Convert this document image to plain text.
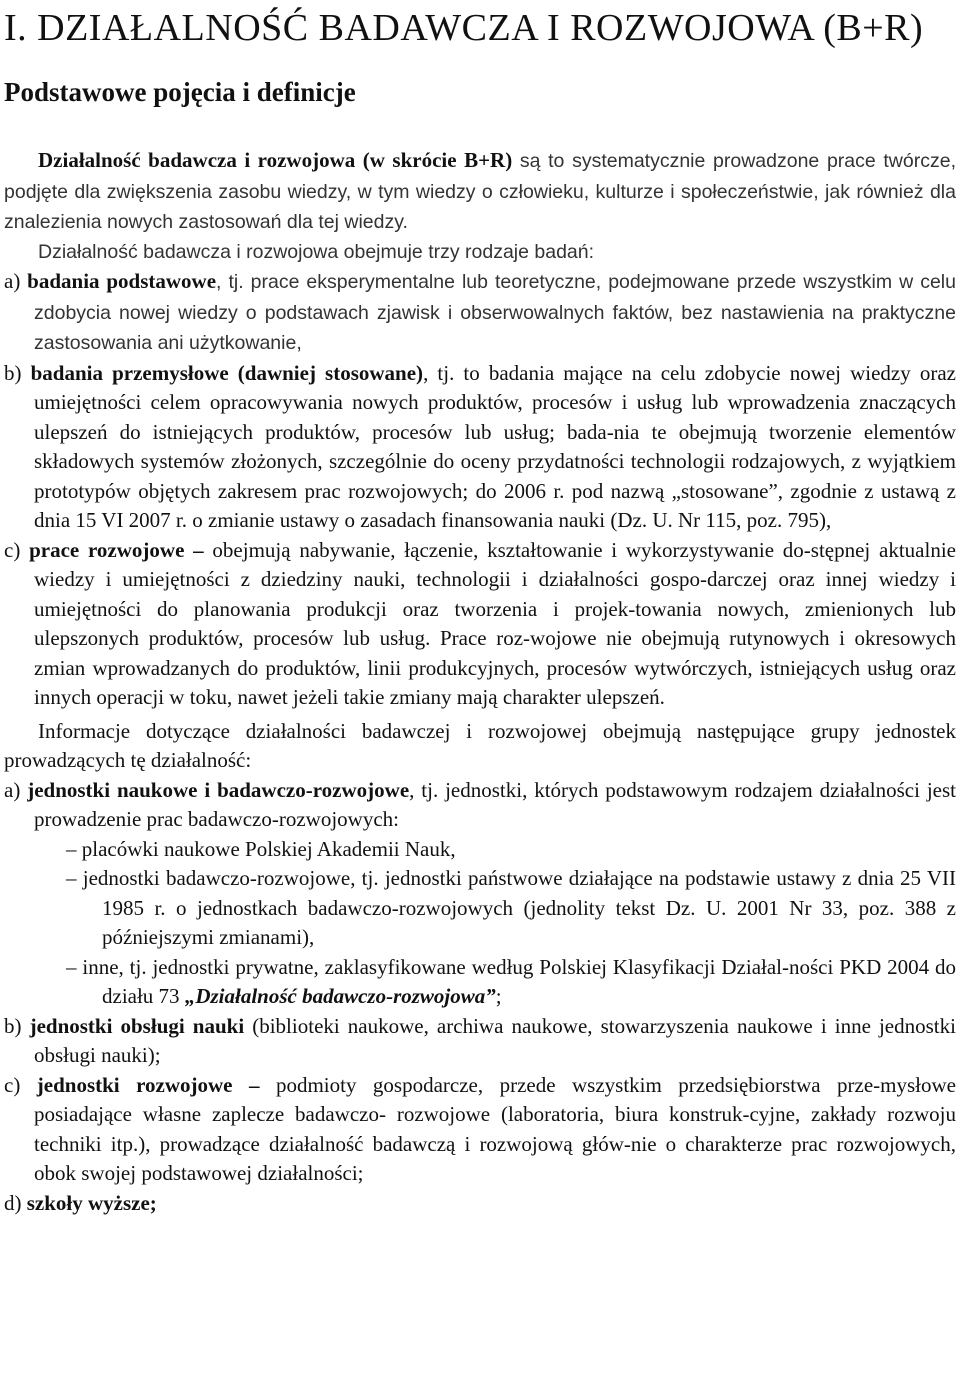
I. DZIAŁALNOŚĆ BADAWCZA I ROZWOJOWA (B+R)
Podstawowe pojęcia i definicje

Działalność badawcza i rozwojowa (w skrócie B+R) są to systematycznie prowadzone prace twórcze, podjęte dla zwiększenia zasobu wiedzy, w tym wiedzy o człowieku, kulturze i społeczeństwie, jak również dla znalezienia nowych zastosowań dla tej wiedzy.

Działalność badawcza i rozwojowa obejmuje trzy rodzaje badań:

a) badania podstawowe, tj. prace eksperymentalne lub teoretyczne, podejmowane przede wszystkim w celu zdobycia nowej wiedzy o podstawach zjawisk i obserwowalnych faktów, bez nastawienia na praktyczne zastosowania ani użytkowanie,

b) badania przemysłowe (dawniej stosowane), tj. to badania mające na celu zdobycie nowej wiedzy oraz umiejętności celem opracowywania nowych produktów, procesów i usług lub wprowadzenia znaczących ulepszeń do istniejących produktów, procesów lub usług; bada-nia te obejmują tworzenie elementów składowych systemów złożonych, szczególnie do oceny przydatności technologii rodzajowych, z wyjątkiem prototypów objętych zakresem prac rozwojowych; do 2006 r. pod nazwą „stosowane”, zgodnie z ustawą z dnia 15 VI 2007 r. o zmianie ustawy o zasadach finansowania nauki (Dz. U. Nr 115, poz. 795),

c) prace rozwojowe – obejmują nabywanie, łączenie, kształtowanie i wykorzystywanie do-stępnej aktualnie wiedzy i umiejętności z dziedziny nauki, technologii i działalności gospo-darczej oraz innej wiedzy i umiejętności do planowania produkcji oraz tworzenia i projek-towania nowych, zmienionych lub ulepszonych produktów, procesów lub usług. Prace roz-wojowe nie obejmują rutynowych i okresowych zmian wprowadzanych do produktów, linii produkcyjnych, procesów wytwórczych, istniejących usług oraz innych operacji w toku, nawet jeżeli takie zmiany mają charakter ulepszeń.

Informacje dotyczące działalności badawczej i rozwojowej obejmują następujące grupy jednostek prowadzących tę działalność:

a) jednostki naukowe i badawczo-rozwojowe, tj. jednostki, których podstawowym rodzajem działalności jest prowadzenie prac badawczo-rozwojowych:

– placówki naukowe Polskiej Akademii Nauk,

– jednostki badawczo-rozwojowe, tj. jednostki państwowe działające na podstawie ustawy z dnia 25 VII 1985 r. o jednostkach badawczo-rozwojowych (jednolity tekst Dz. U. 2001 Nr 33, poz. 388 z późniejszymi zmianami),

– inne, tj. jednostki prywatne, zaklasyfikowane według Polskiej Klasyfikacji Działal-ności PKD 2004 do działu 73 „Działalność badawczo-rozwojowa”;

b) jednostki obsługi nauki (biblioteki naukowe, archiwa naukowe, stowarzyszenia naukowe i inne jednostki obsługi nauki);

c) jednostki rozwojowe – podmioty gospodarcze, przede wszystkim przedsiębiorstwa prze-mysłowe posiadające własne zaplecze badawczo- rozwojowe (laboratoria, biura konstruk-cyjne, zakłady rozwoju techniki itp.), prowadzące działalność badawczą i rozwojową głów-nie o charakterze prac rozwojowych, obok swojej podstawowej działalności;

d) szkoły wyższe;
